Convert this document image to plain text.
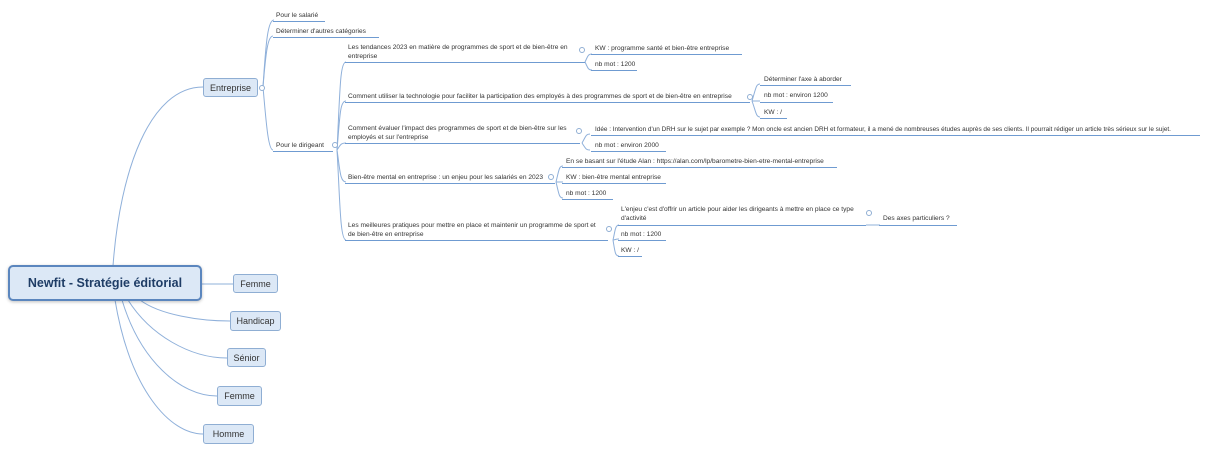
Newfit - Stratégie éditorial
Entreprise
Femme
Handicap
Sénior
Femme
Homme
Pour le salarié
Déterminer d'autres catégories
Pour le dirigeant
Les tendances 2023 en matière de programmes de sport et de bien-être en entreprise
KW : programme santé et bien-être entreprise
nb mot : 1200
Comment utiliser la technologie pour faciliter la participation des employés à des programmes de sport et de bien-être en entreprise
Déterminer l'axe à aborder
nb mot : environ 1200
KW : /
Comment évaluer l'impact des programmes de sport et de bien-être sur les employés et sur l'entreprise
Idée : Intervention d'un DRH sur le sujet par exemple ? Mon oncle est ancien DRH et formateur, il a mené de nombreuses études auprès de ses clients. Il pourrait rédiger un article très sérieux sur le sujet.
nb mot : environ 2000
Bien-être mental en entreprise : un enjeu pour les salariés en 2023
En se basant sur l'étude Alan : https://alan.com/lp/barometre-bien-etre-mental-entreprise
KW : bien-être mental entreprise
nb mot : 1200
Les meilleures pratiques pour mettre en place et maintenir un programme de sport et de bien-être en entreprise
L'enjeu c'est d'offrir un article pour aider les dirigeants à mettre en place ce type d'activité	Des axes particuliers ?
nb mot : 1200
KW : /
